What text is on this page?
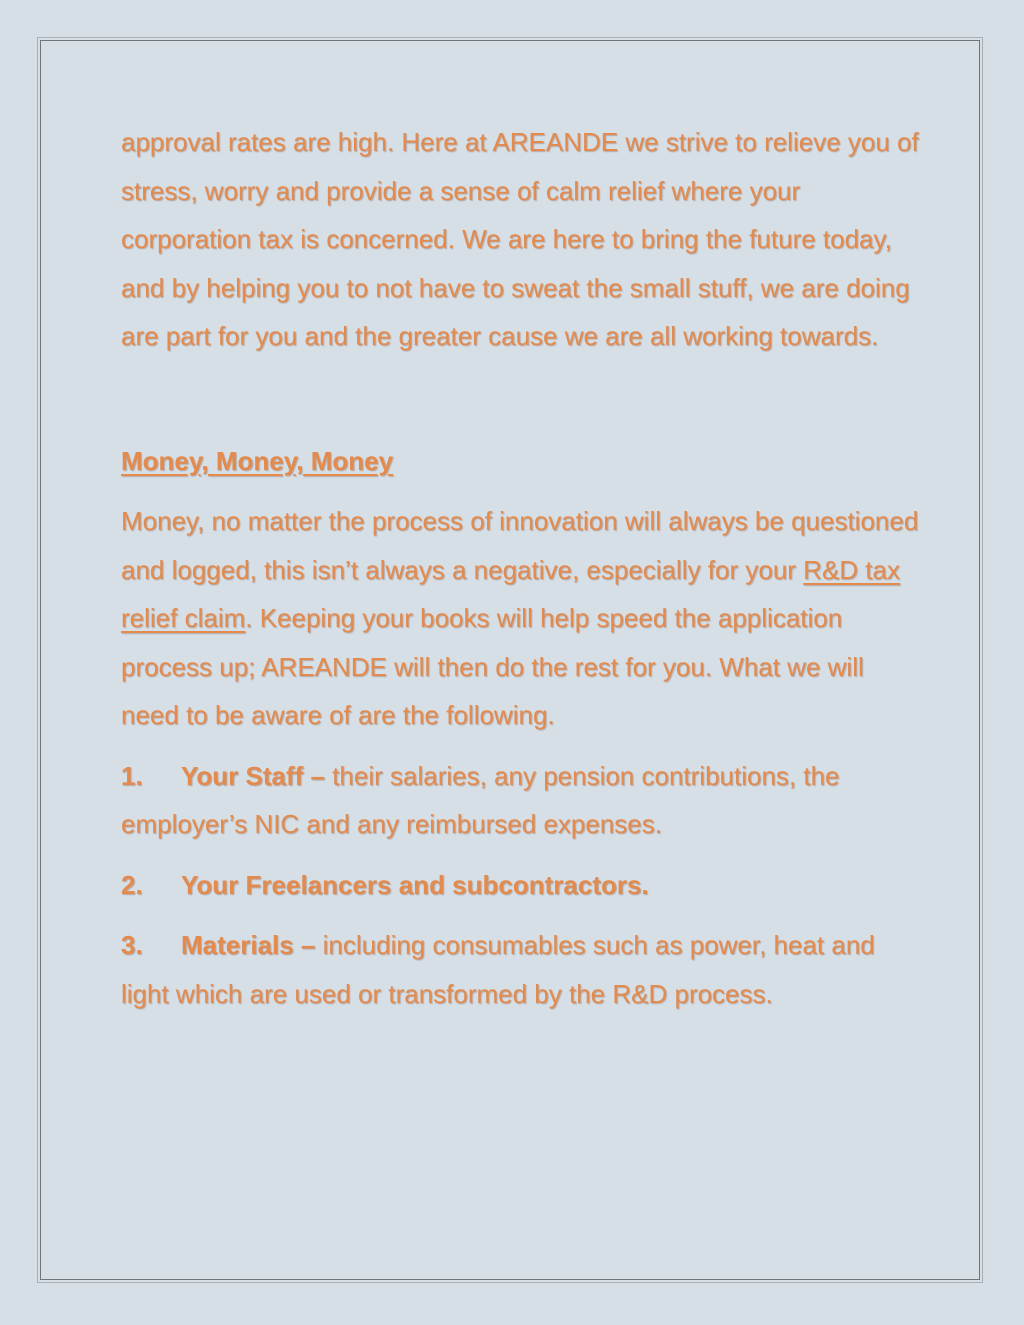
approval rates are high. Here at AREANDE we strive to relieve you of stress, worry and provide a sense of calm relief where your corporation tax is concerned. We are here to bring the future today, and by helping you to not have to sweat the small stuff, we are doing are part for you and the greater cause we are all working towards.

Money, Money, Money

Money, no matter the process of innovation will always be questioned and logged, this isn’t always a negative, especially for your R&D tax relief claim. Keeping your books will help speed the application process up; AREANDE will then do the rest for you. What we will need to be aware of are the following.

1. Your Staff – their salaries, any pension contributions, the employer’s NIC and any reimbursed expenses.

2. Your Freelancers and subcontractors.

3. Materials – including consumables such as power, heat and light which are used or transformed by the R&D process.
